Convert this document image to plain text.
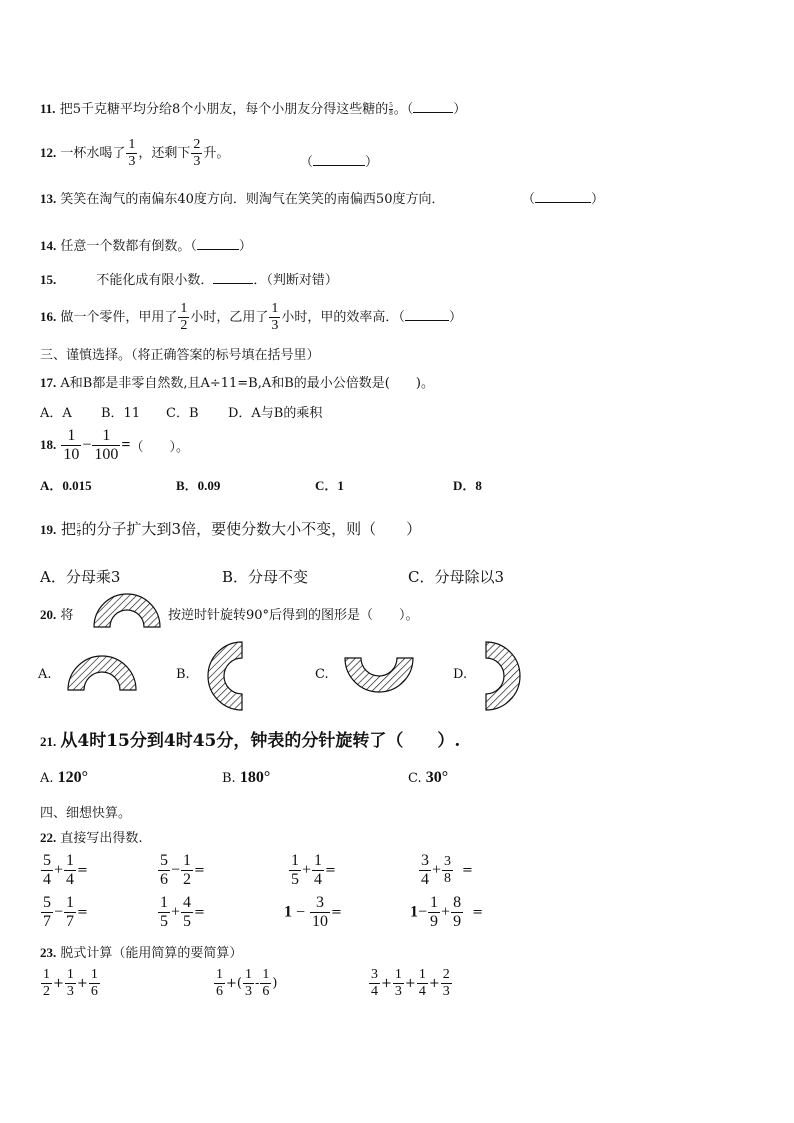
11. 把5千克糖平均分给8个小朋友，每个小朋友分得这些糖的 $\frac{5}{8}$ 。（	）
12. 一杯水喝了 $\frac{1}{3}$ ，还剩下 $\frac{2}{3}$ 升。
（	）
13. 笑笑在淘气的南偏东40度方向．则淘气在笑笑的南偏西50度方向．	（	）
14. 任意一个数都有倒数。（	）
15.	不能化成有限小数．	．（判断对错）
16. 做一个零件，甲用了 $\frac{1}{2}$ 小时，乙用了 $\frac{1}{3}$ 小时，甲的效率高．（	）
三、谨慎选择。（将正确答案的标号填在括号里）
17. A和B都是非零自然数,且A÷11=B,A和B的最小公倍数是(　　)。
A．A B．11 C．B D．A与B的乘积
18. $\frac{1}{10} - \frac{1}{100}$ =（　　）。
A．0.015	B．0.09	C．1	D．8
19. 把 $\frac{5}{9}$ 的分子扩大到3倍，要使分数大小不变，则（　　）
A．分母乘3	B．分母不变	C．分母除以3
20. 将	按逆时针旋转90°后得到的图形是（　　）。
A.	B.	C.	D.
21. 从4时15分到4时45分，钟表的分针旋转了（　　）.
A. 120°	B. 180°	C. 30°
四、细想快算。
22. 直接写出得数.
$\frac{5}{4} + \frac{1}{4}$ =	$\frac{5}{6} - \frac{1}{2}$ =	$\frac{1}{5} + \frac{1}{4}$ =	$\frac{3}{4} + \frac{3}{8}$ =
$\frac{5}{7} - \frac{1}{7}$ =	$\frac{1}{5} + \frac{4}{5}$ =	$1 - \frac{3}{10}$ =	$1- \frac{1}{9} + \frac{8}{9}$ =
23. 脱式计算（能用简算的要简算）
$\frac{1}{2} + \frac{1}{3} + \frac{1}{6}$	$\frac{1}{6}$ +( $\frac{1}{3} - \frac{1}{6}$ )	$\frac{3}{4} + \frac{1}{3} + \frac{1}{4} + \frac{2}{3}$
